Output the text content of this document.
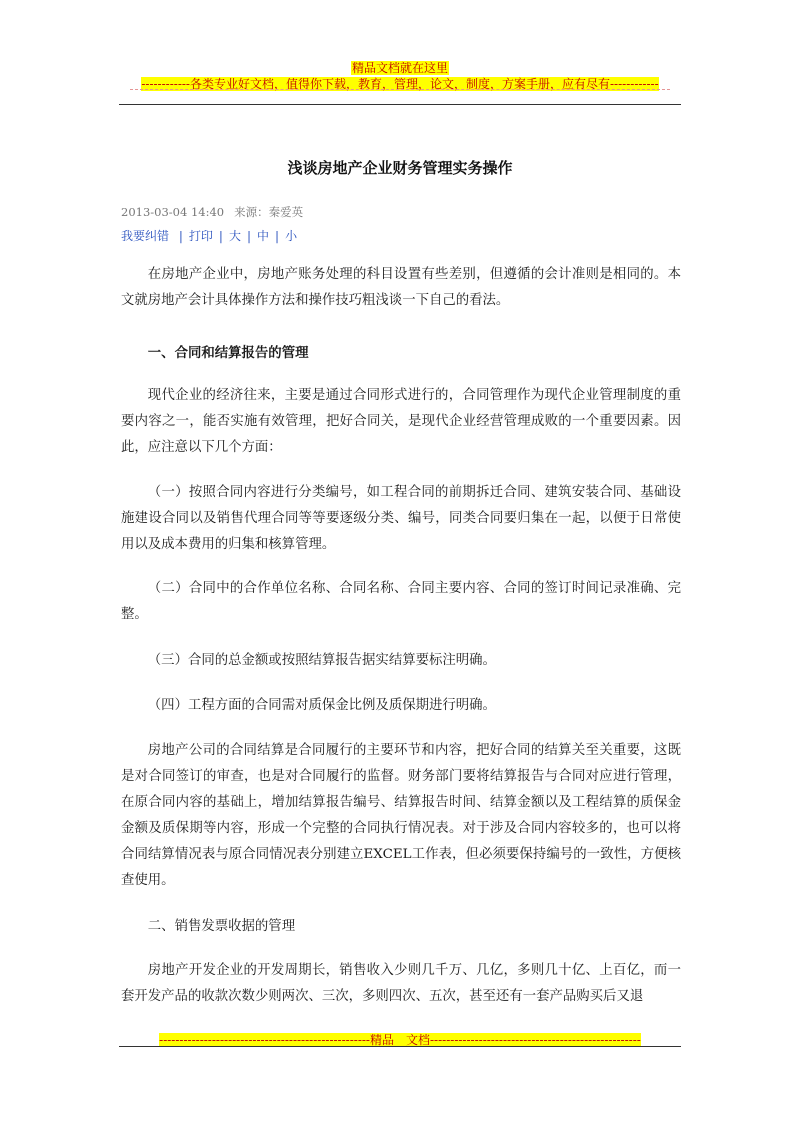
精品文档就在这里
------------各类专业好文档，值得你下载，教育，管理，论文，制度，方案手册，应有尽有------------
浅谈房地产企业财务管理实务操作
2013-03-04 14:40 来源：秦爱英
我要纠错 | 打印 | 大 | 中 | 小

在房地产企业中，房地产账务处理的科目设置有些差别，但遵循的会计准则是相同的。本文就房地产会计具体操作方法和操作技巧粗浅谈一下自己的看法。

一、合同和结算报告的管理

现代企业的经济往来，主要是通过合同形式进行的，合同管理作为现代企业管理制度的重要内容之一，能否实施有效管理，把好合同关，是现代企业经营管理成败的一个重要因素。因此，应注意以下几个方面：

（一）按照合同内容进行分类编号，如工程合同的前期拆迁合同、建筑安装合同、基础设施建设合同以及销售代理合同等等要逐级分类、编号，同类合同要归集在一起，以便于日常使用以及成本费用的归集和核算管理。

（二）合同中的合作单位名称、合同名称、合同主要内容、合同的签订时间记录准确、完整。

（三）合同的总金额或按照结算报告据实结算要标注明确。

（四）工程方面的合同需对质保金比例及质保期进行明确。

房地产公司的合同结算是合同履行的主要环节和内容，把好合同的结算关至关重要，这既是对合同签订的审查，也是对合同履行的监督。财务部门要将结算报告与合同对应进行管理，在原合同内容的基础上，增加结算报告编号、结算报告时间、结算金额以及工程结算的质保金金额及质保期等内容，形成一个完整的合同执行情况表。对于涉及合同内容较多的，也可以将合同结算情况表与原合同情况表分别建立EXCEL工作表，但必须要保持编号的一致性，方便核查使用。

二、销售发票收据的管理

房地产开发企业的开发周期长，销售收入少则几千万、几亿，多则几十亿、上百亿，而一套开发产品的收款次数少则两次、三次，多则四次、五次，甚至还有一套产品购买后又退

----------------------------------------------------精品　文档----------------------------------------------------
